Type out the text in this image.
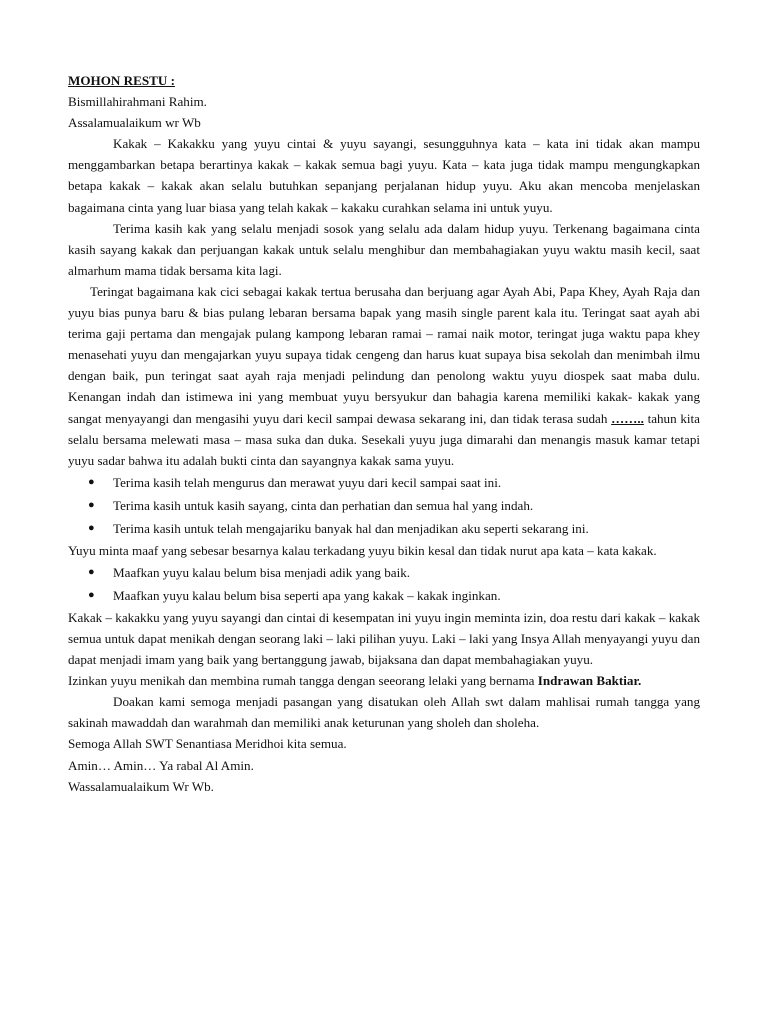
MOHON RESTU :

Bismillahirahmani Rahim.

Assalamualaikum wr Wb

Kakak – Kakakku yang yuyu cintai & yuyu sayangi, sesungguhnya kata – kata ini tidak akan mampu menggambarkan betapa berartinya kakak – kakak semua bagi yuyu. Kata – kata juga tidak mampu mengungkapkan betapa kakak – kakak akan selalu butuhkan sepanjang perjalanan hidup yuyu. Aku akan mencoba menjelaskan bagaimana cinta yang luar biasa yang telah kakak – kakaku curahkan selama ini untuk yuyu.

Terima kasih kak yang selalu menjadi sosok yang selalu ada dalam hidup yuyu. Terkenang bagaimana cinta kasih sayang kakak dan perjuangan kakak untuk selalu menghibur dan membahagiakan yuyu waktu masih kecil, saat almarhum mama tidak bersama kita lagi.

Teringat bagaimana kak cici sebagai kakak tertua berusaha dan berjuang agar Ayah Abi, Papa Khey, Ayah Raja dan yuyu bias punya baru & bias pulang lebaran bersama bapak yang masih single parent kala itu. Teringat saat ayah abi terima gaji pertama dan mengajak pulang kampong lebaran ramai – ramai naik motor, teringat juga waktu papa khey menasehati yuyu dan mengajarkan yuyu supaya tidak cengeng dan harus kuat supaya bisa sekolah dan menimbah ilmu dengan baik, pun teringat saat ayah raja menjadi pelindung dan penolong waktu yuyu diospek saat maba dulu. Kenangan indah dan istimewa ini yang membuat yuyu bersyukur dan bahagia karena memiliki kakak- kakak yang sangat menyayangi dan mengasihi yuyu dari kecil sampai dewasa sekarang ini, dan tidak terasa sudah …….. tahun kita selalu bersama melewati masa – masa suka dan duka. Sesekali yuyu juga dimarahi dan menangis masuk kamar tetapi yuyu sadar bahwa itu adalah bukti cinta dan sayangnya kakak sama yuyu.

● Terima kasih telah mengurus dan merawat yuyu dari kecil sampai saat ini.
● Terima kasih untuk kasih sayang, cinta dan perhatian dan semua hal yang indah.
● Terima kasih untuk telah mengajariku banyak hal dan menjadikan aku seperti sekarang ini.

Yuyu minta maaf yang sebesar besarnya kalau terkadang yuyu bikin kesal dan tidak nurut apa kata – kata kakak.

● Maafkan yuyu kalau belum bisa menjadi adik yang baik.
● Maafkan yuyu kalau belum bisa seperti apa yang kakak – kakak inginkan.

Kakak – kakakku yang yuyu sayangi dan cintai di kesempatan ini yuyu ingin meminta izin, doa restu dari kakak – kakak semua untuk dapat menikah dengan seorang laki – laki pilihan yuyu. Laki – laki yang Insya Allah menyayangi yuyu dan dapat menjadi imam yang baik yang bertanggung jawab, bijaksana dan dapat membahagiakan yuyu.

Izinkan yuyu menikah dan membina rumah tangga dengan seeorang lelaki yang bernama Indrawan Baktiar.

Doakan kami semoga menjadi pasangan yang disatukan oleh Allah swt dalam mahlisai rumah tangga yang sakinah mawaddah dan warahmah dan memiliki anak keturunan yang sholeh dan sholeha.

Semoga Allah SWT Senantiasa Meridhoi kita semua.

Amin… Amin… Ya rabal Al Amin.

Wassalamualaikum Wr Wb.
